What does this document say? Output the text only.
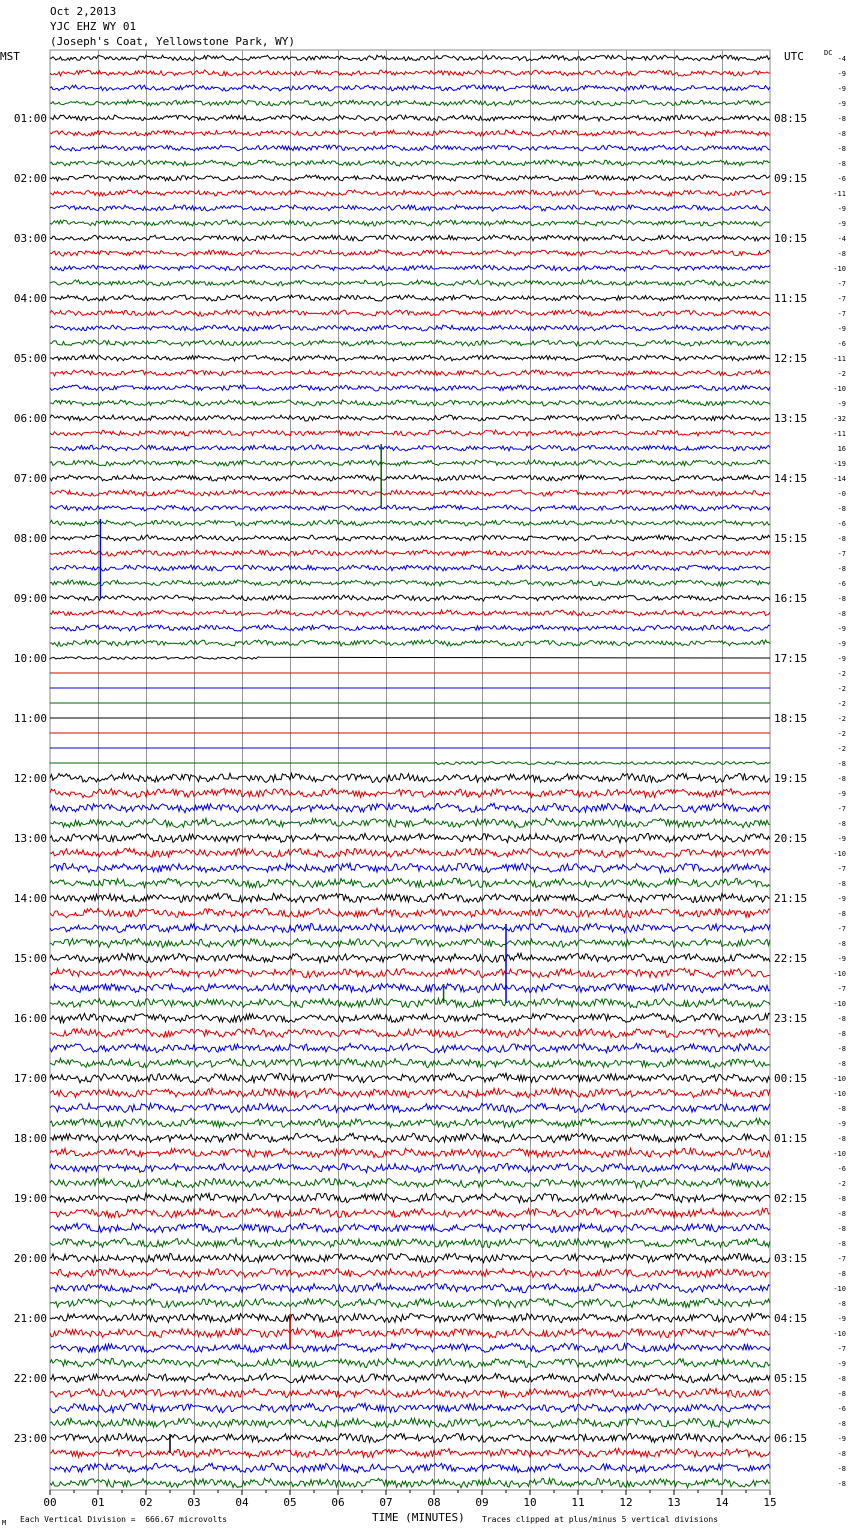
Oct 2,2013
YJC EHZ WY 01
(Joseph's Coat, Yellowstone Park, WY)
MST	UTC	DC
01:00
02:00
03:00
04:00
05:00
06:00
07:00
08:00
09:00
10:00
11:00
12:00
13:00
14:00
15:00
16:00
17:00
18:00
19:00
20:00
21:00
22:00
23:00
08:15
09:15
10:15
11:15
12:15
13:15
14:15
15:15
16:15
17:15
18:15
19:15
20:15
21:15
22:15
23:15
00:15
01:15
02:15
03:15
04:15
05:15
06:15
-4
-9
-9
-9
-8
-8
-8
-8
-6
-11
-9
-9
-4
-8
-10
-7
-7
-7
-9
-6
-11
-2
-10
-9
-32
-11
16
-19
-14
-0
-8
-6
-8
-7
-8
-6
-8
-8
-9
-9
-9
-2
-2
-2
-2
-2
-2
-8
-8
-9
-7
-8
-9
-10
-7
-8
-9
-8
-7
-8
-9
-10
-7
-10
-8
-8
-8
-8
-10
-10
-8
-9
-8
-10
-6
-2
-8
-8
-8
-8
-7
-8
-10
-8
-9
-10
-7
-9
-8
-8
-6
-8
-9
-8
-8
-8
00	01	02	03	04	05	06	07	08	09	10	11	12	13	14	15
M Each Vertical Division =  666.67 microvolts	TIME (MINUTES) Traces clipped at plus/minus 5 vertical divisions
